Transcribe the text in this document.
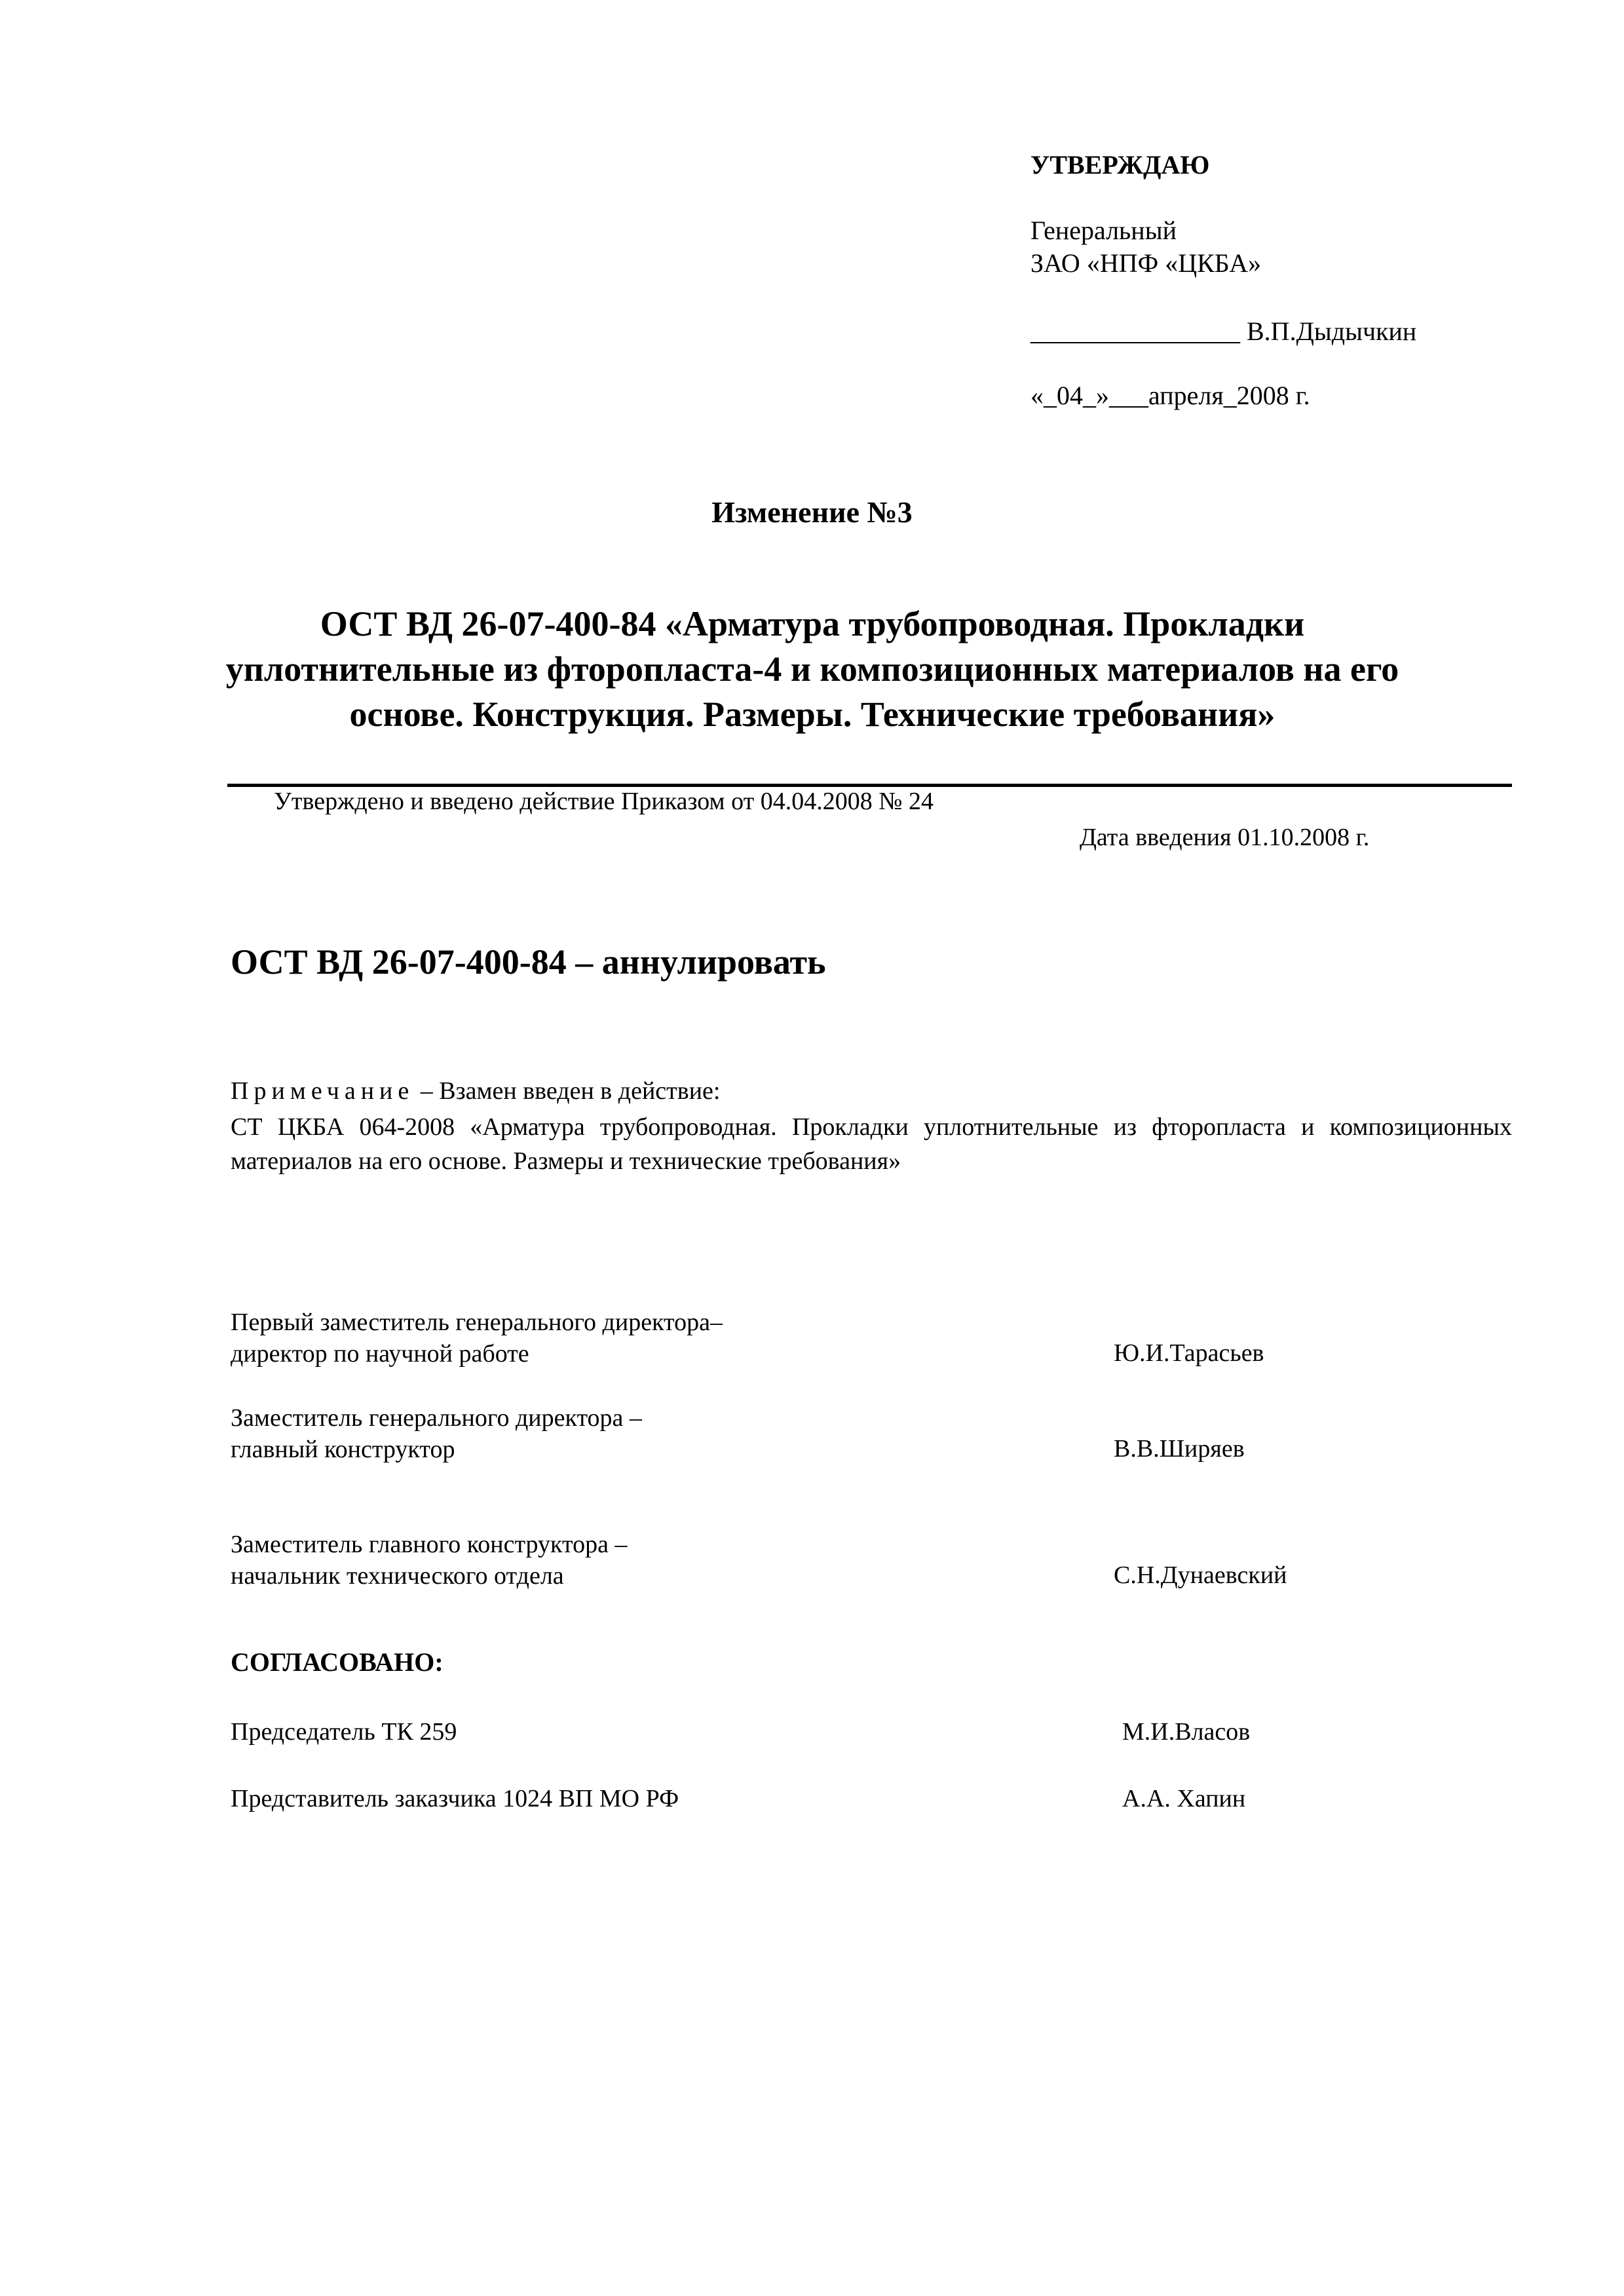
УТВЕРЖДАЮ
Генеральный
ЗАО «НПФ «ЦКБА»
________________ В.П.Дыдычкин
«_04_»___апреля_2008 г.
Изменение №3
ОСТ ВД 26-07-400-84 «Арматура трубопроводная. Прокладки уплотнительные из фторопласта-4 и композиционных материалов на его основе. Конструкция. Размеры. Технические требования»
Утверждено и введено действие Приказом от 04.04.2008 № 24
Дата введения 01.10.2008 г.
ОСТ ВД 26-07-400-84 – аннулировать
Примечание – Взамен введен в действие:
СТ ЦКБА 064-2008 «Арматура трубопроводная. Прокладки уплотнительные из фторопласта и композиционных материалов на его основе. Размеры и технические требования»
Первый заместитель генерального директора–
директор по научной работе	Ю.И.Тарасьев
Заместитель генерального директора –
главный конструктор	В.В.Ширяев
Заместитель главного конструктора –
начальник технического отдела	С.Н.Дунаевский
СОГЛАСОВАНО:
Председатель ТК 259	М.И.Власов
Представитель заказчика 1024 ВП МО РФ	А.А. Хапин
